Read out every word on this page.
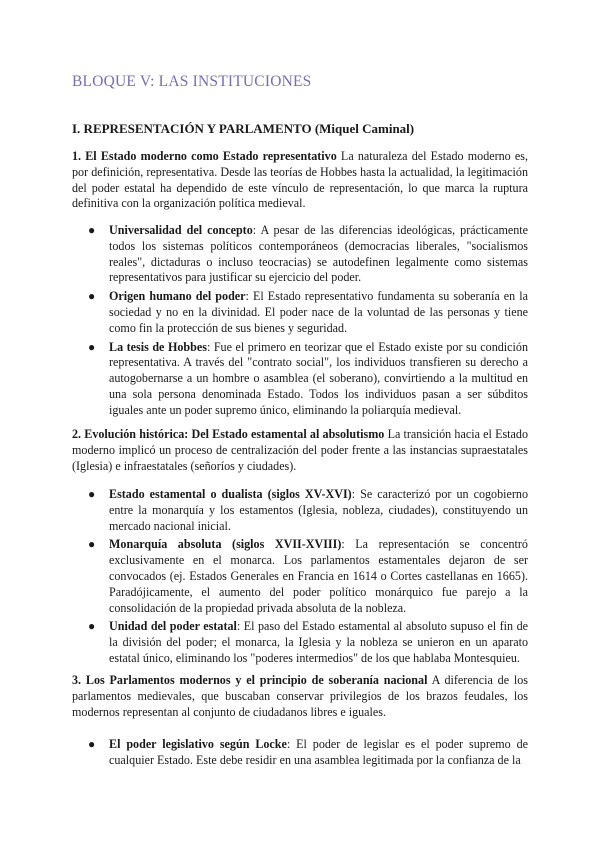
BLOQUE V: LAS INSTITUCIONES
I. REPRESENTACIÓN Y PARLAMENTO (Miquel Caminal)

1. El Estado moderno como Estado representativo La naturaleza del Estado moderno es, por definición, representativa. Desde las teorías de Hobbes hasta la actualidad, la legitimación del poder estatal ha dependido de este vínculo de representación, lo que marca la ruptura definitiva con la organización política medieval.

● Universalidad del concepto: A pesar de las diferencias ideológicas, prácticamente todos los sistemas políticos contemporáneos (democracias liberales, "socialismos reales", dictaduras o incluso teocracias) se autodefinen legalmente como sistemas representativos para justificar su ejercicio del poder.
● Origen humano del poder: El Estado representativo fundamenta su soberanía en la sociedad y no en la divinidad. El poder nace de la voluntad de las personas y tiene como fin la protección de sus bienes y seguridad.
● La tesis de Hobbes: Fue el primero en teorizar que el Estado existe por su condición representativa. A través del "contrato social", los individuos transfieren su derecho a autogobernarse a un hombre o asamblea (el soberano), convirtiendo a la multitud en una sola persona denominada Estado. Todos los individuos pasan a ser súbditos iguales ante un poder supremo único, eliminando la poliarquía medieval.

2. Evolución histórica: Del Estado estamental al absolutismo La transición hacia el Estado moderno implicó un proceso de centralización del poder frente a las instancias supraestatales (Iglesia) e infraestatales (señoríos y ciudades).

● Estado estamental o dualista (siglos XV-XVI): Se caracterizó por un cogobierno entre la monarquía y los estamentos (Iglesia, nobleza, ciudades), constituyendo un mercado nacional inicial.
● Monarquía absoluta (siglos XVII-XVIII): La representación se concentró exclusivamente en el monarca. Los parlamentos estamentales dejaron de ser convocados (ej. Estados Generales en Francia en 1614 o Cortes castellanas en 1665). Paradójicamente, el aumento del poder político monárquico fue parejo a la consolidación de la propiedad privada absoluta de la nobleza.
● Unidad del poder estatal: El paso del Estado estamental al absoluto supuso el fin de la división del poder; el monarca, la Iglesia y la nobleza se unieron en un aparato estatal único, eliminando los "poderes intermedios" de los que hablaba Montesquieu.

3. Los Parlamentos modernos y el principio de soberanía nacional A diferencia de los parlamentos medievales, que buscaban conservar privilegios de los brazos feudales, los modernos representan al conjunto de ciudadanos libres e iguales.

● El poder legislativo según Locke: El poder de legislar es el poder supremo de cualquier Estado. Este debe residir en una asamblea legitimada por la confianza de la
